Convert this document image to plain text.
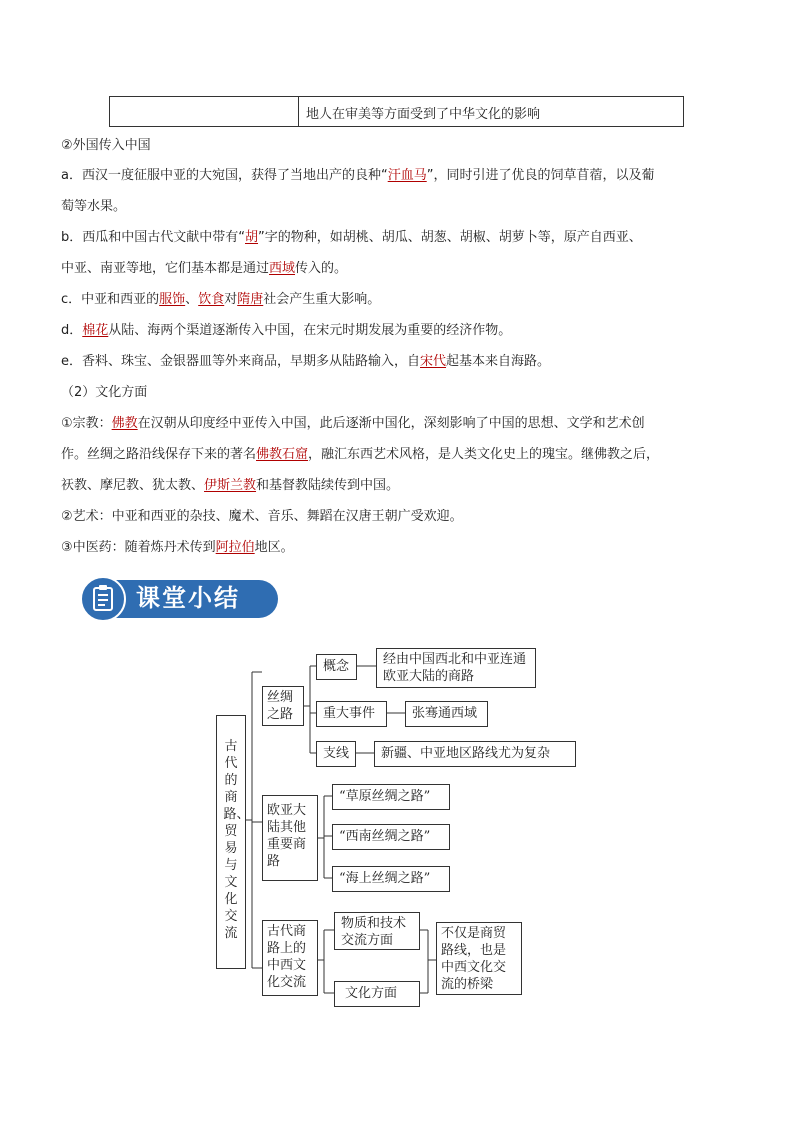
地人在审美等方面受到了中华文化的影响
②外国传入中国
a．西汉一度征服中亚的大宛国，获得了当地出产的良种“汗血马”，同时引进了优良的饲草苜蓿，以及葡
萄等水果。
b．西瓜和中国古代文献中带有“胡”字的物种，如胡桃、胡瓜、胡葱、胡椒、胡萝卜等，原产自西亚、
中亚、南亚等地，它们基本都是通过西域传入的。
c．中亚和西亚的服饰、饮食对隋唐社会产生重大影响。
d．棉花从陆、海两个渠道逐渐传入中国，在宋元时期发展为重要的经济作物。
e．香料、珠宝、金银器皿等外来商品，早期多从陆路输入，自宋代起基本来自海路。
（2）文化方面
①宗教：佛教在汉朝从印度经中亚传入中国，此后逐渐中国化，深刻影响了中国的思想、文学和艺术创
作。丝绸之路沿线保存下来的著名佛教石窟，融汇东西艺术风格，是人类文化史上的瑰宝。继佛教之后，
祆教、摩尼教、犹太教、伊斯兰教和基督教陆续传到中国。
②艺术：中亚和西亚的杂技、魔术、音乐、舞蹈在汉唐王朝广受欢迎。
③中医药：随着炼丹术传到阿拉伯地区。
课堂小结
古代的商路、贸易与文化交流
丝绸之路
概念	经由中国西北和中亚连通欧亚大陆的商路
重大事件	张骞通西域
支线	新疆、中亚地区路线尤为复杂
欧亚大陆其他重要商路
“草原丝绸之路”
“西南丝绸之路”
“海上丝绸之路”
古代商路上的中西文化交流
物质和技术交流方面
文化方面
不仅是商贸路线，也是中西文化交流的桥梁
